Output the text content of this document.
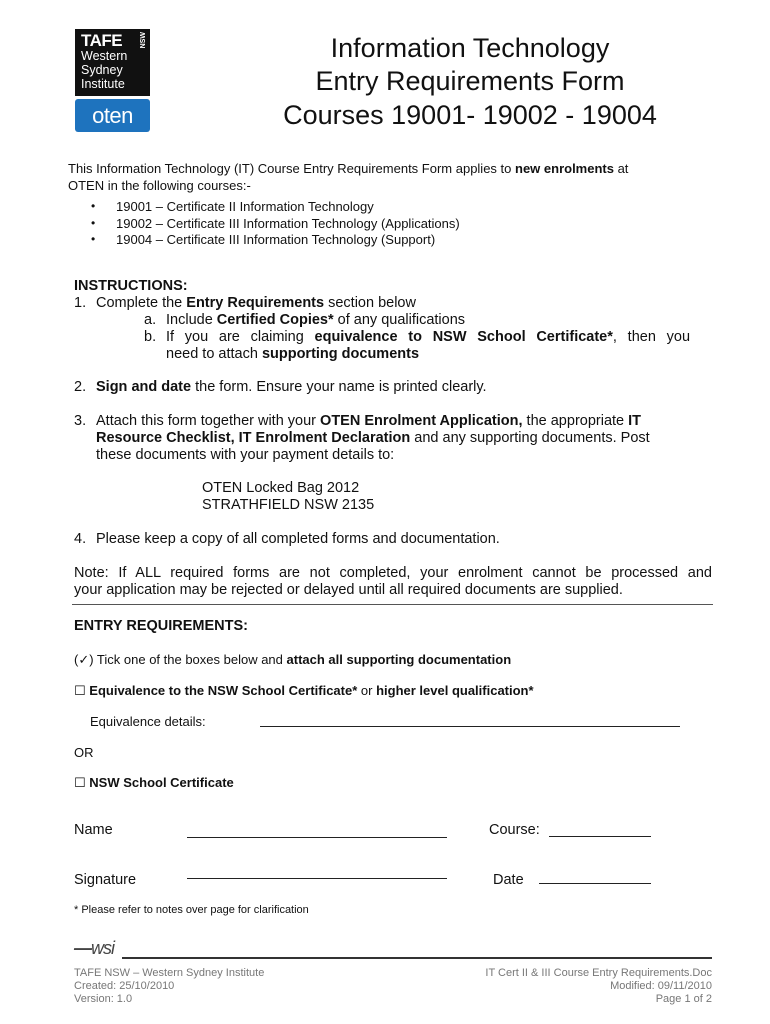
TAFE	NSW
Western
Sydney
Institute
oten
Information Technology
Entry Requirements Form
Courses 19001- 19002 - 19004
This Information Technology (IT) Course Entry Requirements Form applies to new enrolments at
OTEN in the following courses:-
• 19001 – Certificate II Information Technology
• 19002 – Certificate III Information Technology (Applications)
• 19004 – Certificate III Information Technology (Support)
INSTRUCTIONS:
1. Complete the Entry Requirements section below
a. Include Certified Copies* of any qualifications
b. If you are claiming equivalence to NSW School Certificate*, then you
need to attach supporting documents
2. Sign and date the form. Ensure your name is printed clearly.
3. Attach this form together with your OTEN Enrolment Application, the appropriate IT
Resource Checklist, IT Enrolment Declaration and any supporting documents. Post
these documents with your payment details to:
OTEN Locked Bag 2012
STRATHFIELD NSW 2135
4. Please keep a copy of all completed forms and documentation.
Note: If ALL required forms are not completed, your enrolment cannot be processed and
your application may be rejected or delayed until all required documents are supplied.
ENTRY REQUIREMENTS:
(✓) Tick one of the boxes below and attach all supporting documentation
☐ Equivalence to the NSW School Certificate* or higher level qualification*
Equivalence details:
OR
☐ NSW School Certificate
Name	Course:
Signature	Date
* Please refer to notes over page for clarification
—wsi
TAFE NSW – Western Sydney Institute
Created: 25/10/2010
Version: 1.0
IT Cert II & III Course Entry Requirements.Doc
Modified: 09/11/2010
Page 1 of 2
